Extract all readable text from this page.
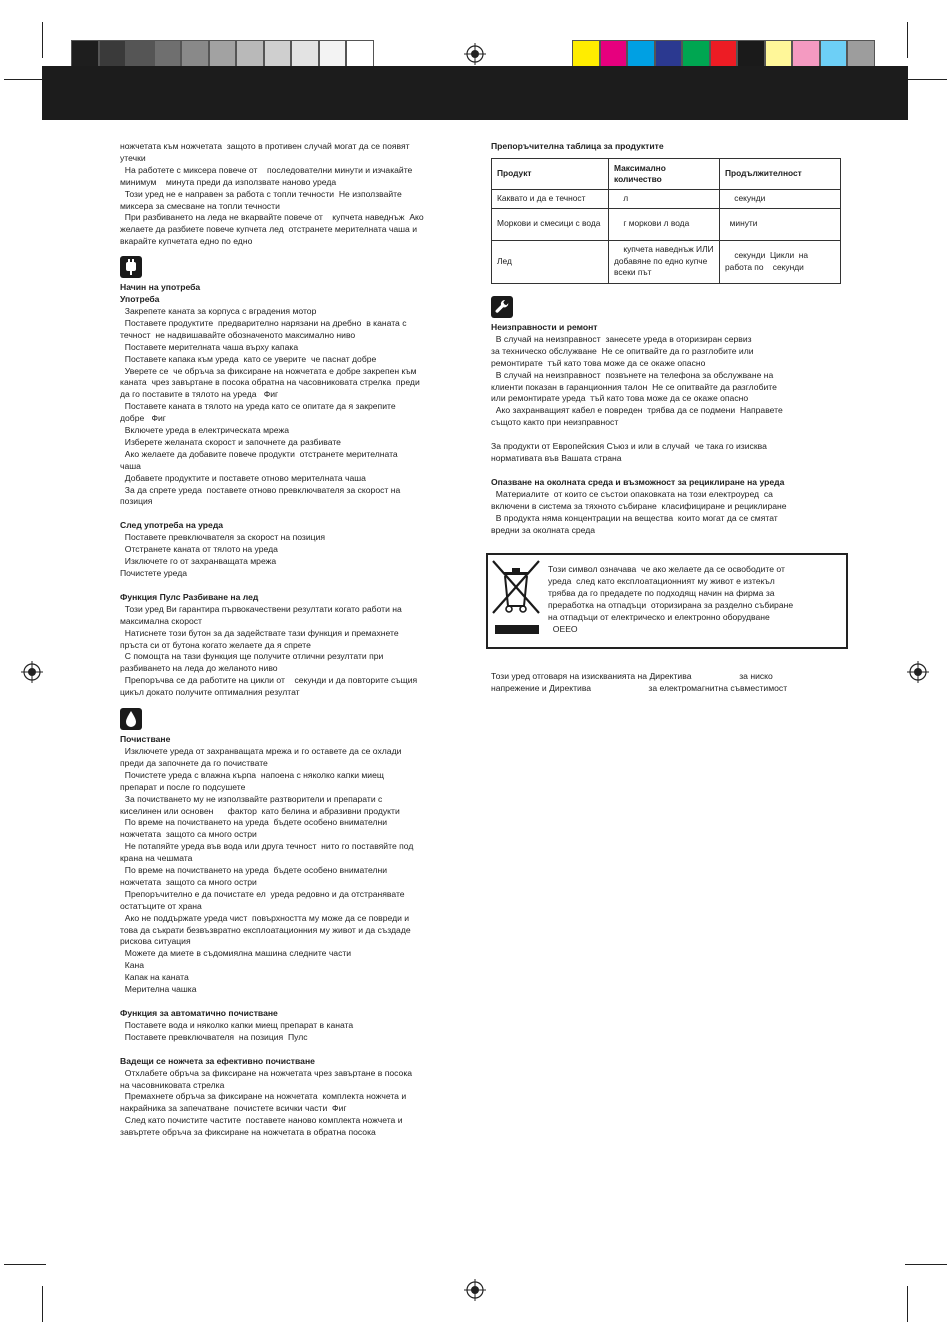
ножчетата към ножчетата  защото в противен случай могат да се появят

утечки

На работете с миксера повече от    последователни минути и изчакайте

минимум    минута преди да използвате наново уреда

Този уред не е направен за работа с топли течности  Не използвайте

миксера за смесване на топли течности

При разбиването на леда не вкарвайте повече от    купчета наведнъж  Ако

желаете да разбиете повече купчета лед  отстранете мерителната чаша и

вкарайте купчетата едно по едно

Начин на употреба

Употреба

Закрепете каната за корпуса с вградения мотор

Поставете продуктите  предварително нарязани на дребно  в каната с

течност  не надвишавайте обозначеното максимално ниво

Поставете мерителната чаша върху капака

Поставете капака към уреда  като се уверите  че паснат добре

Уверете се  че обръча за фиксиране на ножчетата е добре закрепен към

каната  чрез завъртане в посока обратна на часовниковата стрелка  преди

да го поставите в тялото на уреда   Фиг

Поставете каната в тялото на уреда като се опитате да я закрепите

добре   Фиг

Включете уреда в електрическата мрежа

Изберете желаната скорост и започнете да разбивате

Ако желаете да добавите повече продукти  отстранете мерителната

чаша

Добавете продуктите и поставете отново мерителната чаша

За да спрете уреда  поставете отново превключвателя за скорост на

позиция

След употреба на уреда

Поставете превключвателя за скорост на позиция

Отстранете каната от тялото на уреда

Изключете го от захранващата мрежа

Почистете уреда

Функция Пулс Разбиване на лед

Този уред Ви гарантира първокачествени резултати когато работи на

максимална скорост

Натиснете този бутон за да задействате тази функция и премахнете

пръста си от бутона когато желаете да я спрете

С помощта на тази функция ще получите отлични резултати при

разбиването на леда до желаното ниво

Препоръчва се да работите на цикли от    секунди и да повторите същия

цикъл докато получите оптималния резултат

Почистване

Изключете уреда от захранващата мрежа и го оставете да се охлади

преди да започнете да го почиствате

Почистете уреда с влажна кърпа  напоена с няколко капки миещ

препарат и после го подсушете

За почистването му не използвайте разтворители и препарати с

киселинен или основен      фактор  като белина и абразивни продукти

По време на почистването на уреда  бъдете особено внимателни

ножчетата  защото са много остри

Не потапяйте уреда във вода или друга течност  нито го поставяйте под

крана на чешмата

По време на почистването на уреда  бъдете особено внимателни

ножчетата  защото са много остри

Препоръчително е да почистате ел  уреда редовно и да отстранявате

остатъците от храна

Ако не поддържате уреда чист  повърхността му може да се повреди и

това да съкрати безвъзвратно експлоатационния му живот и да създаде

рискова ситуация

Можете да миете в съдомиялна машина следните части

Кана

Капак на каната

Мерителна чашка

Функция за автоматично почистване

Поставете вода и няколко капки миещ препарат в каната

Поставете превключвателя  на позиция  Пулс

Вадещи се ножчета за ефективно почистване

Отхлабете обръча за фиксиране на ножчетата чрез завъртане в посока

на часовниковата стрелка

Премахнете обръча за фиксиране на ножчетата  комплекта ножчета и

накрайника за запечатване  почистете всички части  Фиг

След като почистите частите  поставете наново комплекта ножчета и

завъртете обръча за фиксиране на ножчетата в обратна посока

Препоръчителна таблица за продуктите

Продукт	Максимално количество	Продължителност
Каквато и да е течност	л	секунди
Моркови и смесици с вода	г моркови л вода	минути
Лед	купчета наведнъж ИЛИ добавяне по едно купче всеки път	секунди  Цикли  на работа по    секунди

Неизправности и ремонт

В случай на неизправност  занесете уреда в оторизиран сервиз

за техническо обслужване  Не се опитвайте да го разглобите или

ремонтирате  тъй като това може да се окаже опасно

В случай на неизправност  позвънете на телефона за обслужване на

клиенти показан в гаранционния талон  Не се опитвайте да разглобите

или ремонтирате уреда  тъй като това може да се окаже опасно

Ако захранващият кабел е повреден  трябва да се подмени  Направете

същото както при неизправност

За продукти от Европейския Съюз и или в случай  че така го изисква

нормативата във Вашата страна

Опазване на околната среда и възможност за рециклиране на уреда

Материалите  от които се състои опаковката на този електроуред  са

включени в система за тяхното събиране  класифициране и рециклиране

В продукта няма концентрации на вещества  които могат да се смятат

вредни за околната среда

Този символ означава  че ако желаете да се освободите от

уреда  след като експлоатационният му живот е изтекъл

трябва да го предадете по подходящ начин на фирма за

преработка на отпадъци  оторизирана за разделно събиране

на отпадъци от електрическо и електронно оборудване

ОЕЕО

Този уред отговаря на изискванията на Директива                    за ниско

напрежение и Директива                        за електромагнитна съвместимост
